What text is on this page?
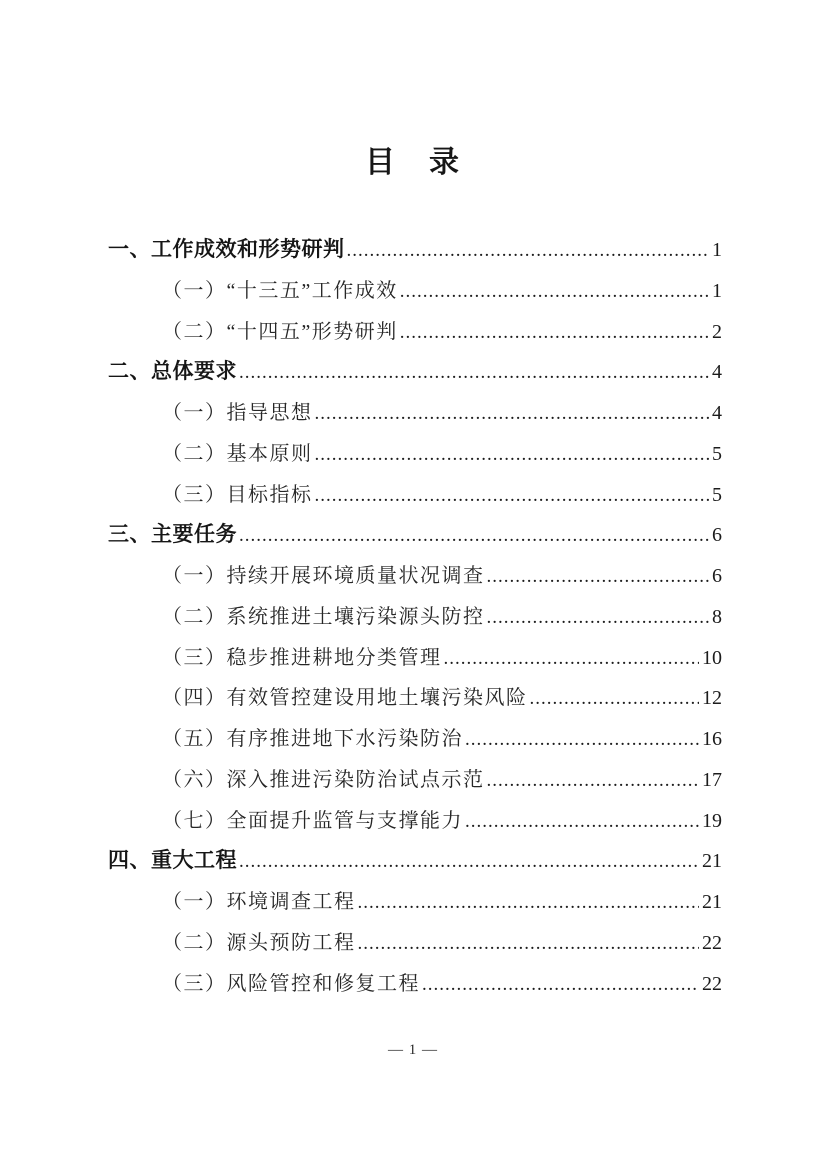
目　录
一、工作成效和形势研判 .....	1
（一）“十三五”工作成效 .....	1
（二）“十四五”形势研判 .....	2
二、总体要求 .....	4
（一）指导思想 .....	4
（二）基本原则 .....	5
（三）目标指标 .....	5
三、主要任务 .....	6
（一）持续开展环境质量状况调查 .....	6
（二）系统推进土壤污染源头防控 .....	8
（三）稳步推进耕地分类管理 .....	10
（四）有效管控建设用地土壤污染风险 .....	12
（五）有序推进地下水污染防治 .....	16
（六）深入推进污染防治试点示范 .....	17
（七）全面提升监管与支撑能力 .....	19
四、重大工程 .....	21
（一）环境调查工程 .....	21
（二）源头预防工程 .....	22
（三）风险管控和修复工程 .....	22
— 1 —
